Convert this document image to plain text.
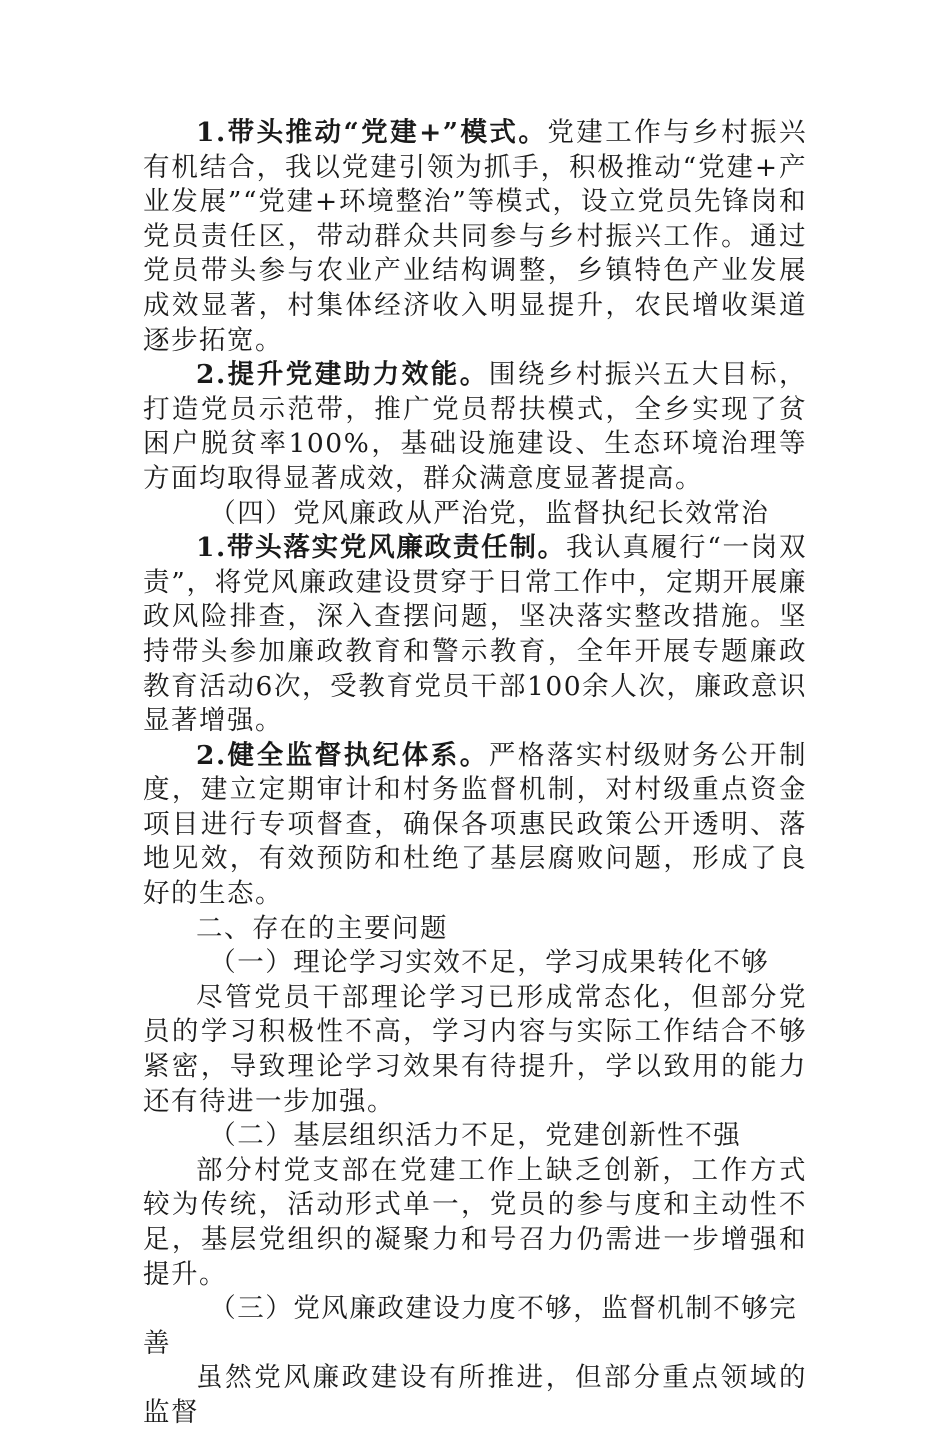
1.带头推动“党建+”模式。党建工作与乡村振兴有机结合，我以党建引领为抓手，积极推动“党建+产业发展”“党建+环境整治”等模式，设立党员先锋岗和党员责任区，带动群众共同参与乡村振兴工作。通过党员带头参与农业产业结构调整，乡镇特色产业发展成效显著，村集体经济收入明显提升，农民增收渠道逐步拓宽。

2.提升党建助力效能。围绕乡村振兴五大目标，打造党员示范带，推广党员帮扶模式，全乡实现了贫困户脱贫率100%，基础设施建设、生态环境治理等方面均取得显著成效，群众满意度显著提高。

（四）党风廉政从严治党，监督执纪长效常治

1.带头落实党风廉政责任制。我认真履行“一岗双责”，将党风廉政建设贯穿于日常工作中，定期开展廉政风险排查，深入查摆问题，坚决落实整改措施。坚持带头参加廉政教育和警示教育，全年开展专题廉政教育活动6次，受教育党员干部100余人次，廉政意识显著增强。

2.健全监督执纪体系。严格落实村级财务公开制度，建立定期审计和村务监督机制，对村级重点资金项目进行专项督查，确保各项惠民政策公开透明、落地见效，有效预防和杜绝了基层腐败问题，形成了良好的生态。

二、存在的主要问题

（一）理论学习实效不足，学习成果转化不够

尽管党员干部理论学习已形成常态化，但部分党员的学习积极性不高，学习内容与实际工作结合不够紧密，导致理论学习效果有待提升，学以致用的能力还有待进一步加强。

（二）基层组织活力不足，党建创新性不强

部分村党支部在党建工作上缺乏创新，工作方式较为传统，活动形式单一，党员的参与度和主动性不足，基层党组织的凝聚力和号召力仍需进一步增强和提升。

（三）党风廉政建设力度不够，监督机制不够完善

虽然党风廉政建设有所推进，但部分重点领域的监督
